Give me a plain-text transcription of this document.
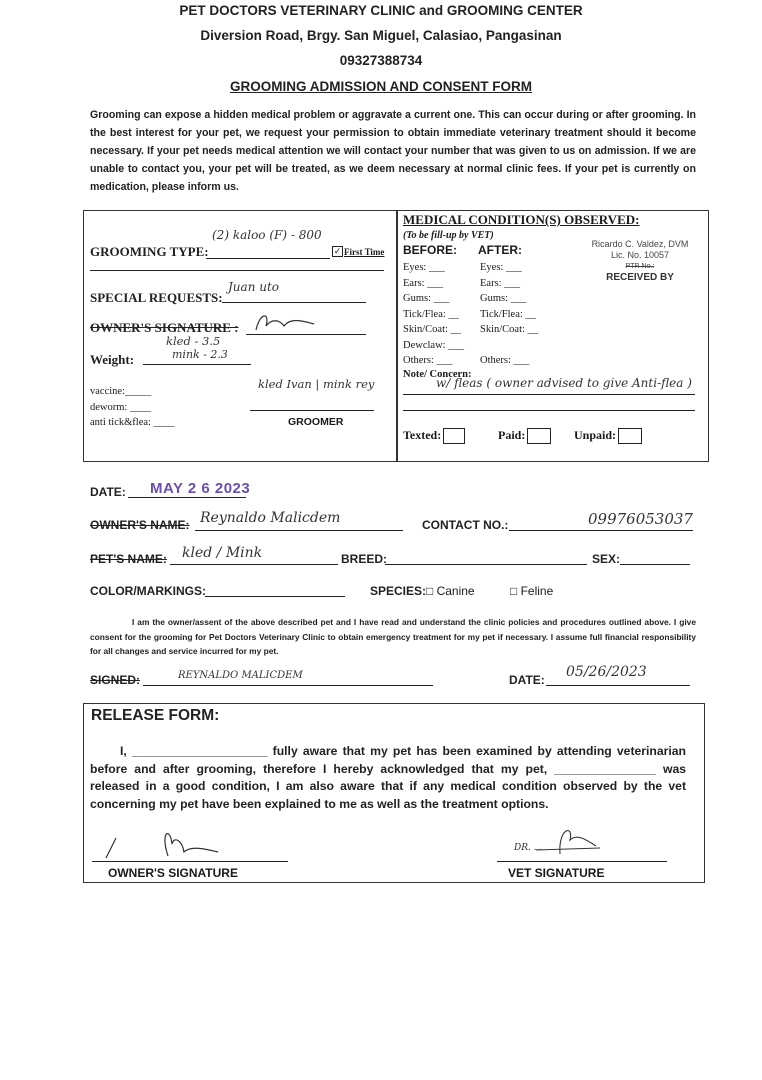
PET DOCTORS VETERINARY CLINIC and GROOMING CENTER
Diversion Road, Brgy. San Miguel, Calasiao, Pangasinan
09327388734
GROOMING ADMISSION AND CONSENT FORM
Grooming can expose a hidden medical problem or aggravate a current one. This can occur during or after grooming. In the best interest for your pet, we request your permission to obtain immediate veterinary treatment should it become necessary. If your pet needs medical attention we will contact your number that was given to us on admission. If we are unable to contact you, your pet will be treated, as we deem necessary at normal clinic fees. If your pet is currently on medication, please inform us.
GROOMING TYPE:
(2) kaloo (F) - 800
✓ First Time
Juan uto
SPECIAL REQUESTS:
OWNER'S SIGNATURE :
kled - 3.5
Weight:	mink - 2.3
vaccine:_____
deworm: ____
anti tick&flea: ____
kled Ivan | mink rey
GROOMER
MEDICAL CONDITION(S) OBSERVED:
(To be fill-up by VET)
BEFORE: AFTER:	Ricardo C. Valdez, DVM
Lic. No. 10057
PTR No.:
RECEIVED BY
Eyes: ___
Ears: ___
Gums: ___
Tick/Flea: __
Skin/Coat: __
Dewclaw: ___
Others: ___
Eyes: ___
Ears: ___
Gums: ___
Tick/Flea: __
Skin/Coat: __
Others: ___
Note/ Concern:
w/ fleas ( owner advised to give Anti-flea )
Texted:	Paid:	Unpaid:
DATE: MAY 2 6 2023
OWNER'S NAME: Reynaldo Malicdem	CONTACT NO.:	09976053037
PET'S NAME: kled / Mink	BREED:	SEX:
COLOR/MARKINGS:	SPECIES: □ Canine	□ Feline
I am the owner/assent of the above described pet and I have read and understand the clinic policies and procedures outlined above. I give consent for the grooming for Pet Doctors Veterinary Clinic to obtain emergency treatment for my pet if necessary. I assume full financial responsibility for all changes and service incurred for my pet.
SIGNED:	REYNALDO MALICDEM	DATE: 05/26/2023
RELEASE FORM:
I, ____________________ fully aware that my pet has been examined by attending veterinarian before and after grooming, therefore I hereby acknowledged that my pet, _______________ was released in a good condition, I am also aware that if any medical condition observed by the vet concerning my pet have been explained to me as well as the treatment options.
OWNER'S SIGNATURE
DR. ...
VET SIGNATURE
